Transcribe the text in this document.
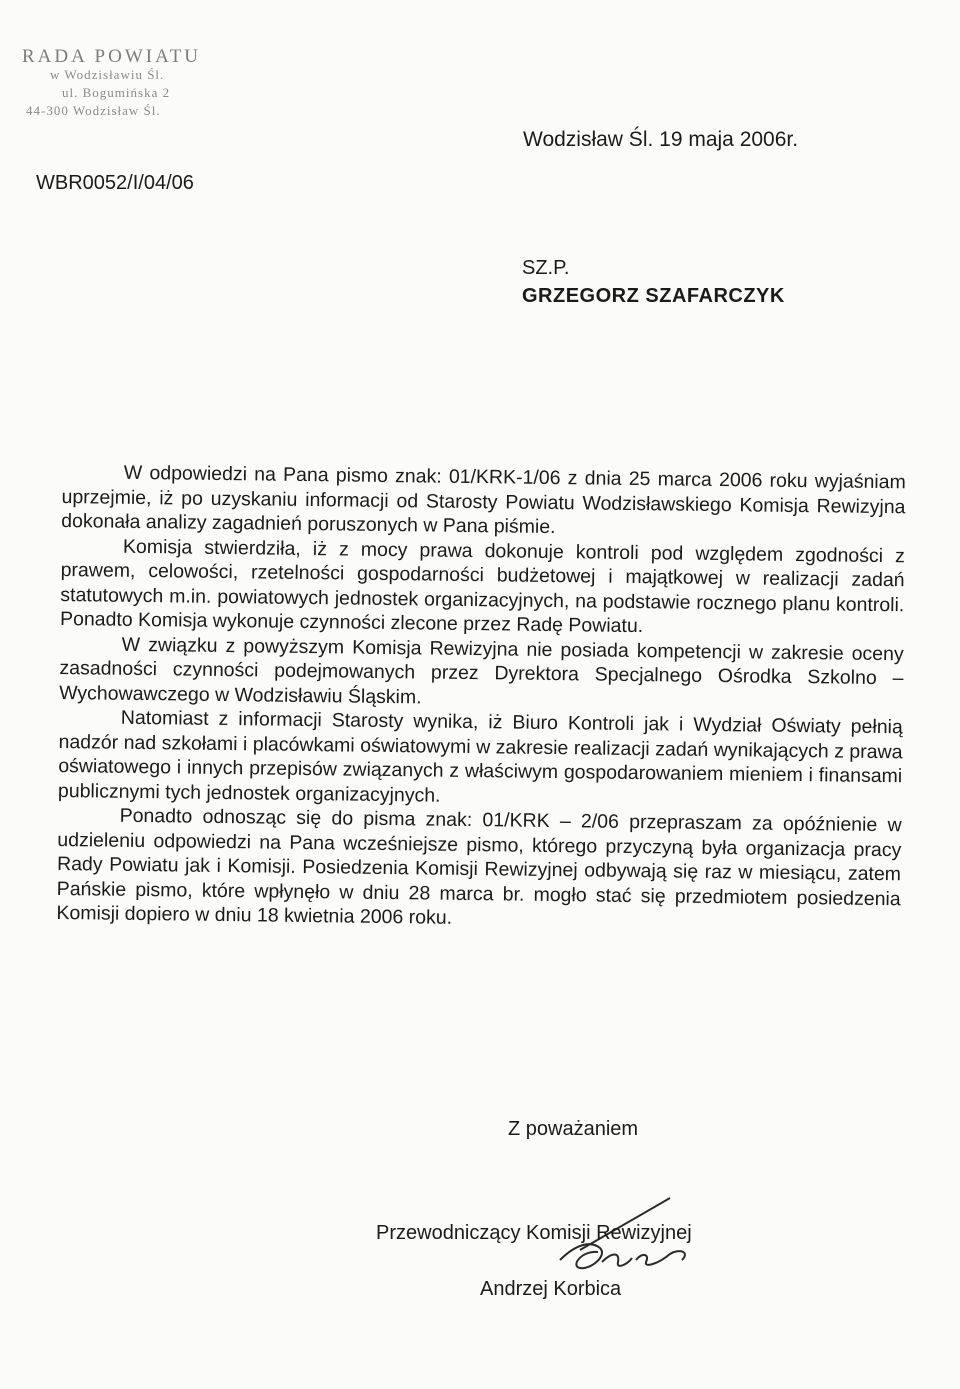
RADA POWIATU
w Wodzisławiu Śl.
ul. Bogumińska 2
44-300 Wodzisław Śl.
Wodzisław Śl. 19 maja 2006r.
WBR0052/I/04/06
SZ.P.
GRZEGORZ SZAFARCZYK

W odpowiedzi na Pana pismo znak: 01/KRK-1/06 z dnia 25 marca 2006 roku wyjaśniam uprzejmie, iż po uzyskaniu informacji od Starosty Powiatu Wodzisławskiego Komisja Rewizyjna dokonała analizy zagadnień poruszonych w Pana piśmie.

Komisja stwierdziła, iż z mocy prawa dokonuje kontroli pod względem zgodności z prawem, celowości, rzetelności gospodarności budżetowej i majątkowej w realizacji zadań statutowych m.in. powiatowych jednostek organizacyjnych, na podstawie rocznego planu kontroli. Ponadto Komisja wykonuje czynności zlecone przez Radę Powiatu.

W związku z powyższym Komisja Rewizyjna nie posiada kompetencji w zakresie oceny zasadności czynności podejmowanych przez Dyrektora Specjalnego Ośrodka Szkolno – Wychowawczego w Wodzisławiu Śląskim.

Natomiast z informacji Starosty wynika, iż Biuro Kontroli jak i Wydział Oświaty pełnią nadzór nad szkołami i placówkami oświatowymi w zakresie realizacji zadań wynikających z prawa oświatowego i innych przepisów związanych z właściwym gospodarowaniem mieniem i finansami publicznymi tych jednostek organizacyjnych.

Ponadto odnosząc się do pisma znak: 01/KRK – 2/06 przepraszam za opóźnienie w udzieleniu odpowiedzi na Pana wcześniejsze pismo, którego przyczyną była organizacja pracy Rady Powiatu jak i Komisji. Posiedzenia Komisji Rewizyjnej odbywają się raz w miesiącu, zatem Pańskie pismo, które wpłynęło w dniu 28 marca br. mogło stać się przedmiotem posiedzenia Komisji dopiero w dniu 18 kwietnia 2006 roku.

Z poważaniem
Przewodniczący Komisji Rewizyjnej
Andrzej Korbica
